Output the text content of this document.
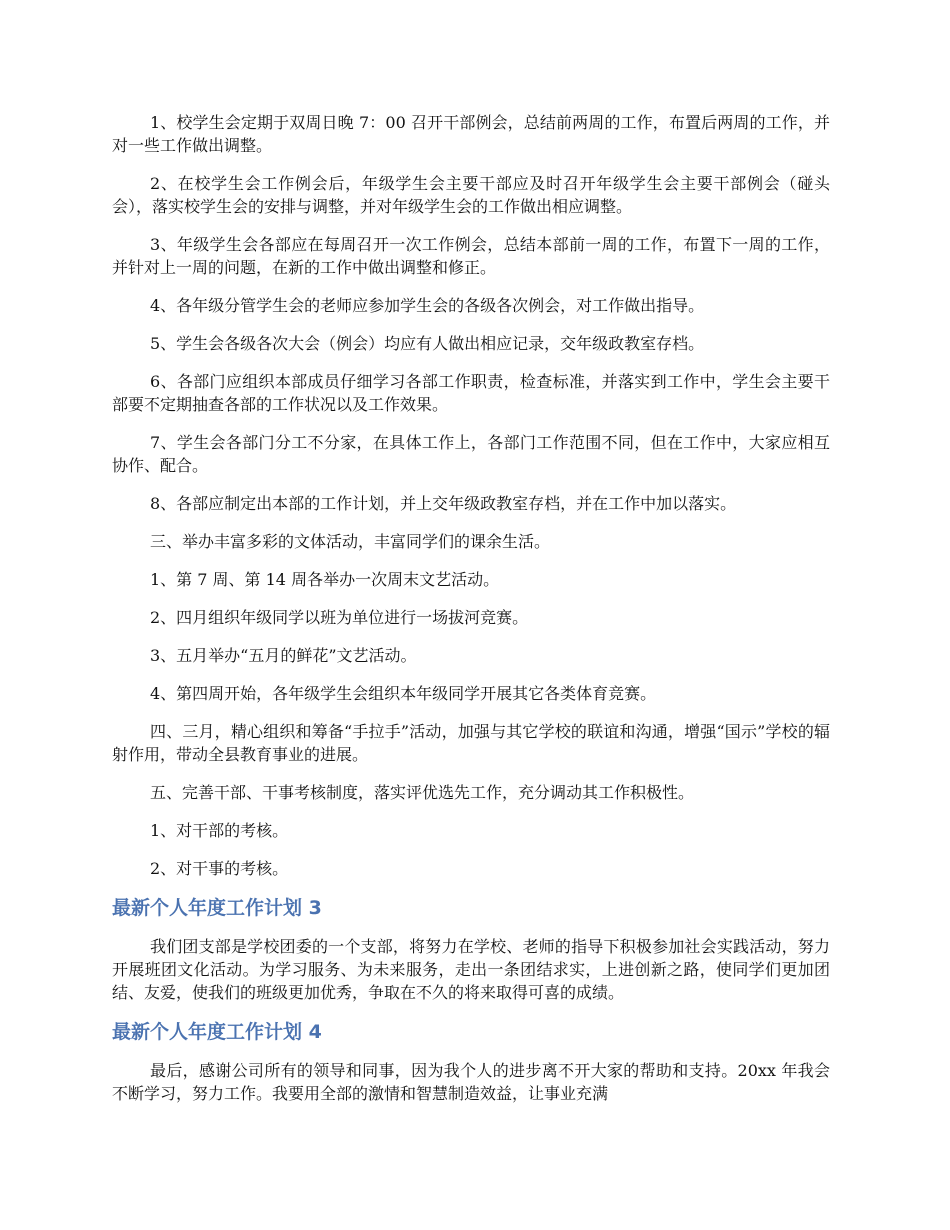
1、校学生会定期于双周日晚 7：00 召开干部例会，总结前两周的工作，布置后两周的工作，并对一些工作做出调整。

2、在校学生会工作例会后，年级学生会主要干部应及时召开年级学生会主要干部例会（碰头会），落实校学生会的安排与调整，并对年级学生会的工作做出相应调整。

3、年级学生会各部应在每周召开一次工作例会，总结本部前一周的工作，布置下一周的工作，并针对上一周的问题，在新的工作中做出调整和修正。

4、各年级分管学生会的老师应参加学生会的各级各次例会，对工作做出指导。

5、学生会各级各次大会（例会）均应有人做出相应记录，交年级政教室存档。

6、各部门应组织本部成员仔细学习各部工作职责，检查标准，并落实到工作中，学生会主要干部要不定期抽查各部的工作状况以及工作效果。

7、学生会各部门分工不分家，在具体工作上，各部门工作范围不同，但在工作中，大家应相互协作、配合。

8、各部应制定出本部的工作计划，并上交年级政教室存档，并在工作中加以落实。

三、举办丰富多彩的文体活动，丰富同学们的课余生活。

1、第 7 周、第 14 周各举办一次周末文艺活动。

2、四月组织年级同学以班为单位进行一场拔河竞赛。

3、五月举办“五月的鲜花”文艺活动。

4、第四周开始，各年级学生会组织本年级同学开展其它各类体育竞赛。

四、三月，精心组织和筹备“手拉手”活动，加强与其它学校的联谊和沟通，增强“国示”学校的辐射作用，带动全县教育事业的进展。

五、完善干部、干事考核制度，落实评优选先工作，充分调动其工作积极性。

1、对干部的考核。

2、对干事的考核。

最新个人年度工作计划 3

我们团支部是学校团委的一个支部，将努力在学校、老师的指导下积极参加社会实践活动，努力开展班团文化活动。为学习服务、为未来服务，走出一条团结求实，上进创新之路，使同学们更加团结、友爱，使我们的班级更加优秀，争取在不久的将来取得可喜的成绩。

最新个人年度工作计划 4

最后，感谢公司所有的领导和同事，因为我个人的进步离不开大家的帮助和支持。20xx 年我会不断学习，努力工作。我要用全部的激情和智慧制造效益，让事业充满
